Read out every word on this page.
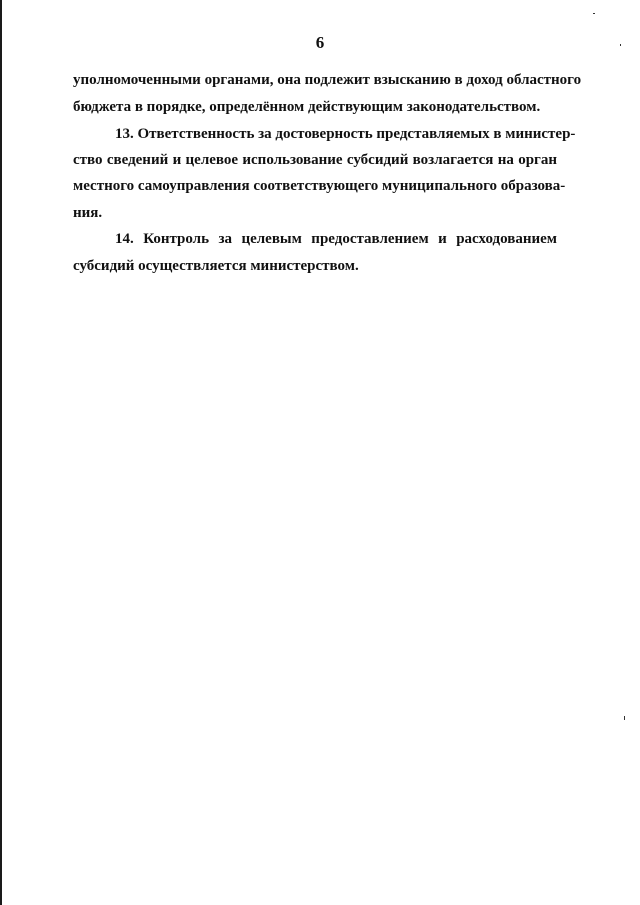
6
уполномоченными органами, она подлежит взысканию в доход областного
бюджета в порядке, определённом действующим законодательством.
13. Ответственность за достоверность представляемых в министер-
ство сведений и целевое использование субсидий возлагается на орган
местного самоуправления соответствующего муниципального образова-
ния.
14. Контроль за целевым предоставлением и расходованием
субсидий осуществляется министерством.
